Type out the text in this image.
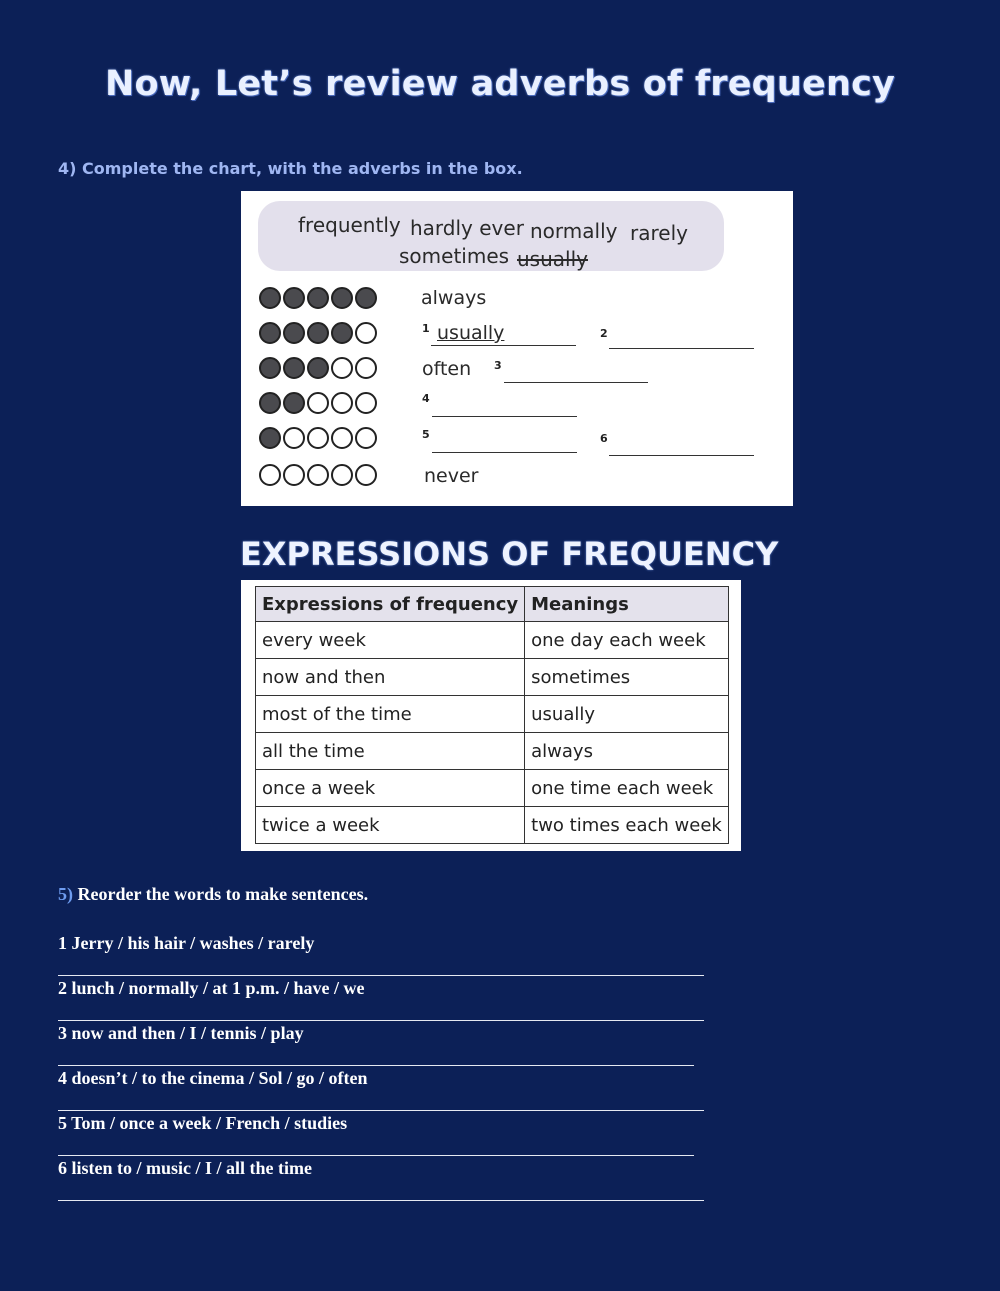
Now, Let’s review adverbs of frequency
4) Complete the chart, with the adverbs in the box.
frequently hardly ever normally rarely
sometimes usually
always
1 usually	2
often 3
4
5	6
never
EXPRESSIONS OF FREQUENCY
Expressions of frequency	Meanings
every week	one day each week
now and then	sometimes
most of the time	usually
all the time	always
once a week	one time each week
twice a week	two times each week
5) Reorder the words to make sentences.
1 Jerry / his hair / washes / rarely
2 lunch / normally / at 1 p.m. / have / we
3 now and then / I / tennis / play
4 doesn’t / to the cinema / Sol / go / often
5 Tom / once a week / French / studies
6 listen to / music / I / all the time
